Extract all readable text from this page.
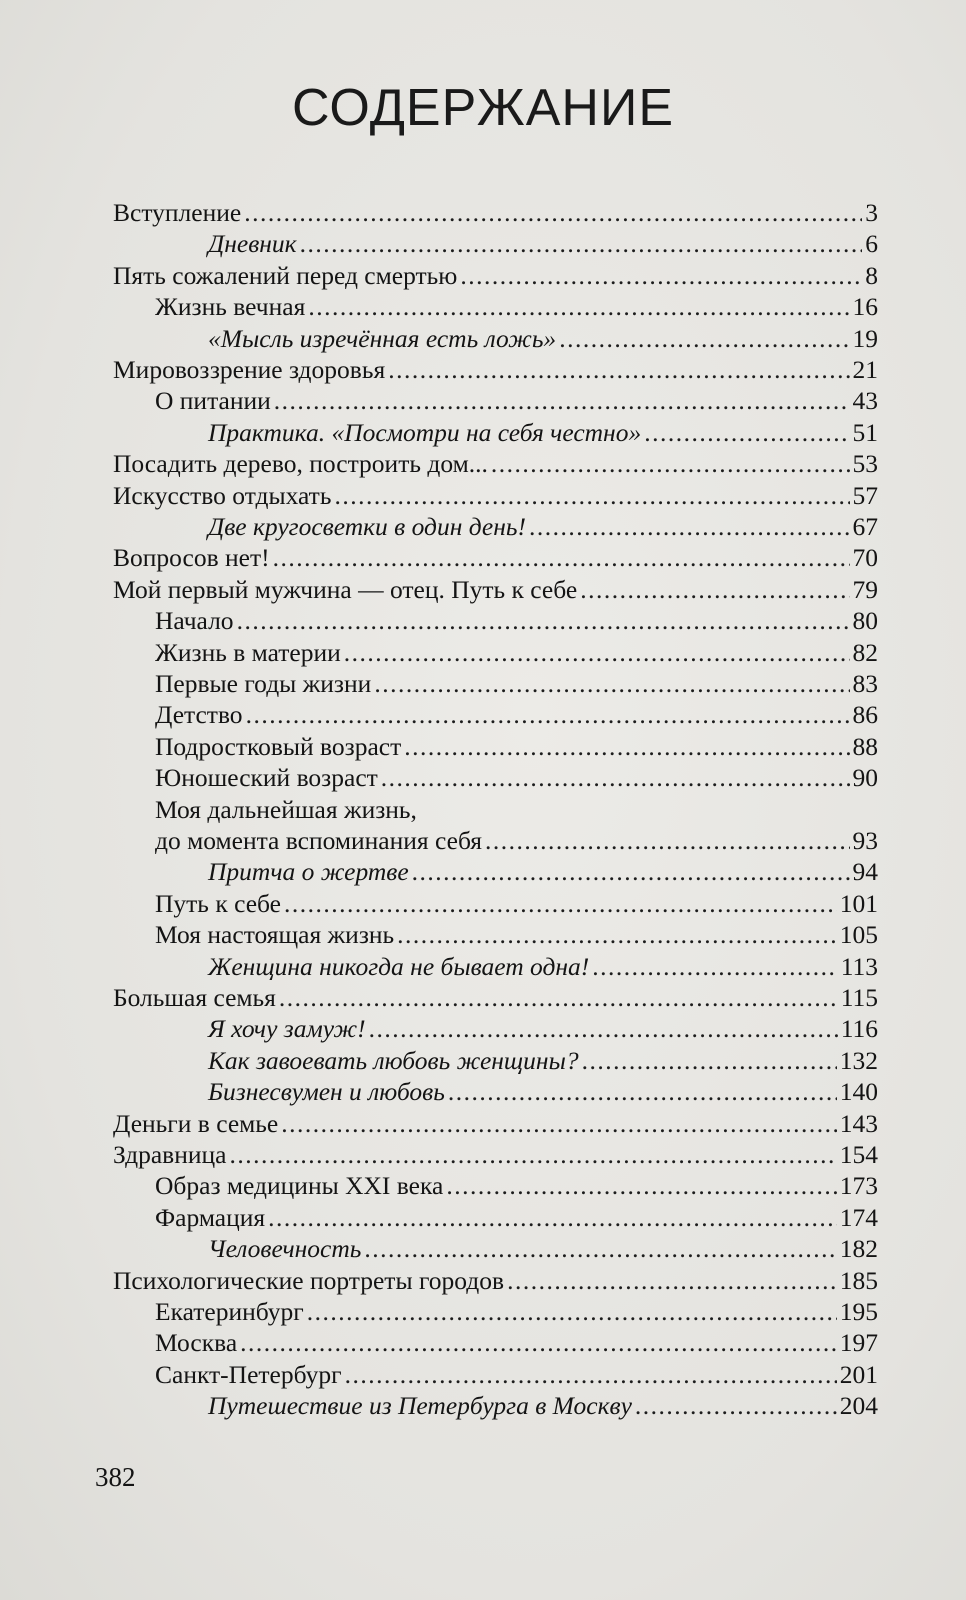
СОДЕРЖАНИЕ
Вступление .....	3
Дневник .....	6
Пять сожалений перед смертью .....	8
Жизнь вечная .....	16
«Мысль изречённая есть ложь» .....	19
Мировоззрение здоровья .....	21
О питании .....	43
Практика. «Посмотри на себя честно» .....	51
Посадить дерево, построить дом... .....	53
Искусство отдыхать .....	57
Две кругосветки в один день! .....	67
Вопросов нет! .....	70
Мой первый мужчина — отец. Путь к себе .....	79
Начало .....	80
Жизнь в материи .....	82
Первые годы жизни .....	83
Детство .....	86
Подростковый возраст .....	88
Юношеский возраст .....	90
Моя дальнейшая жизнь,
до момента вспоминания себя .....	93
Притча о жертве .....	94
Путь к себе .....	101
Моя настоящая жизнь .....	105
Женщина никогда не бывает одна! .....	113
Большая семья .....	115
Я хочу замуж! .....	116
Как завоевать любовь женщины? .....	132
Бизнесвумен и любовь .....	140
Деньги в семье .....	143
Здравница .....	154
Образ медицины XXI века .....	173
Фармация .....	174
Человечность .....	182
Психологические портреты городов .....	185
Екатеринбург .....	195
Москва .....	197
Санкт-Петербург .....	201
Путешествие из Петербурга в Москву .....	204
382
